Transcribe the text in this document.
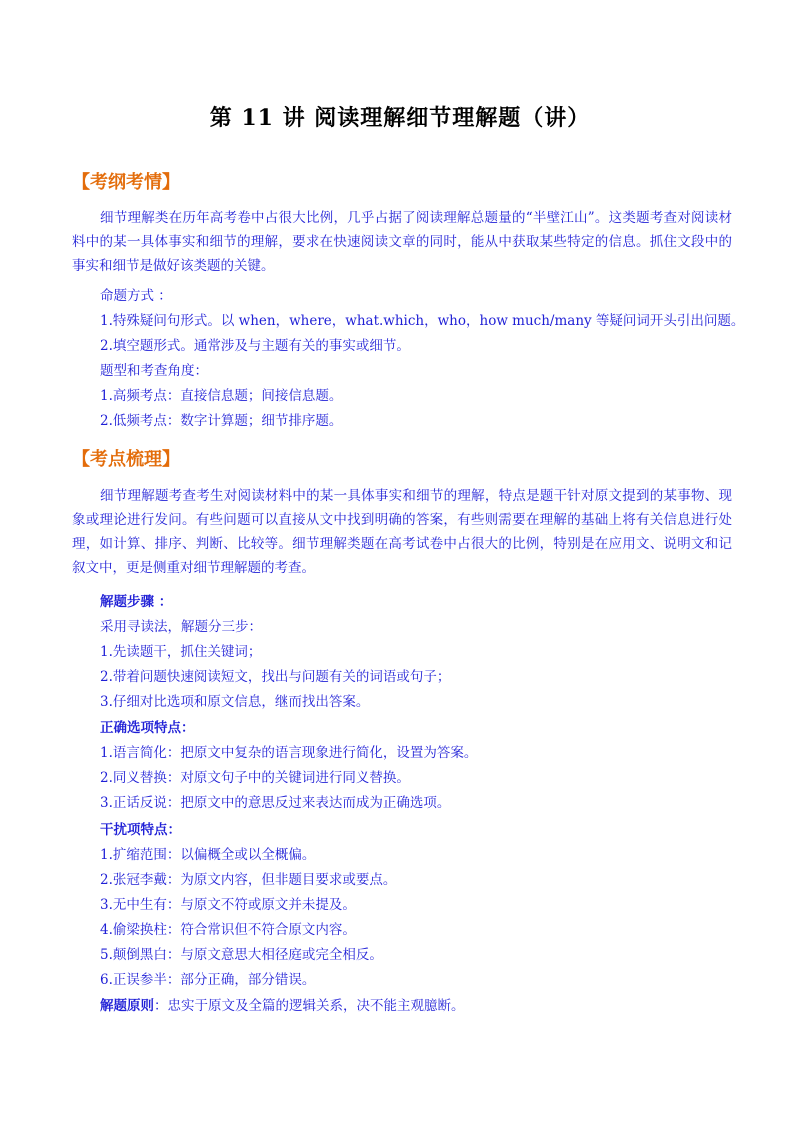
第 11 讲 阅读理解细节理解题（讲）
【考纲考情】
细节理解类在历年高考卷中占很大比例，几乎占据了阅读理解总题量的“半壁江山”。这类题考查对阅读材料中的某一具体事实和细节的理解，要求在快速阅读文章的同时，能从中获取某些特定的信息。抓住文段中的事实和细节是做好该类题的关键。
命题方式 ：
1.特殊疑问句形式。以 when，where，what.which，who，how much/many 等疑问词开头引出问题。
2.填空题形式。通常涉及与主题有关的事实或细节。
题型和考查角度：
1.高频考点：直接信息题；间接信息题。
2.低频考点：数字计算题；细节排序题。
【考点梳理】
细节理解题考查考生对阅读材料中的某一具体事实和细节的理解，特点是题干针对原文提到的某事物、现象或理论进行发问。有些问题可以直接从文中找到明确的答案，有些则需要在理解的基础上将有关信息进行处理，如计算、排序、判断、比较等。细节理解类题在高考试卷中占很大的比例，特别是在应用文、说明文和记叙文中，更是侧重对细节理解题的考查。
解题步骤 ：
采用寻读法，解题分三步：
1.先读题干，抓住关键词；
2.带着问题快速阅读短文，找出与问题有关的词语或句子；
3.仔细对比选项和原文信息，继而找出答案。
正确选项特点：
1.语言简化：把原文中复杂的语言现象进行简化，设置为答案。
2.同义替换：对原文句子中的关键词进行同义替换。
3.正话反说：把原文中的意思反过来表达而成为正确选项。
干扰项特点：
1.扩缩范围：以偏概全或以全概偏。
2.张冠李戴：为原文内容，但非题目要求或要点。
3.无中生有：与原文不符或原文并未提及。
4.偷梁换柱：符合常识但不符合原文内容。
5.颠倒黑白：与原文意思大相径庭或完全相反。
6.正误参半：部分正确，部分错误。
解题原则：忠实于原文及全篇的逻辑关系，决不能主观臆断。
